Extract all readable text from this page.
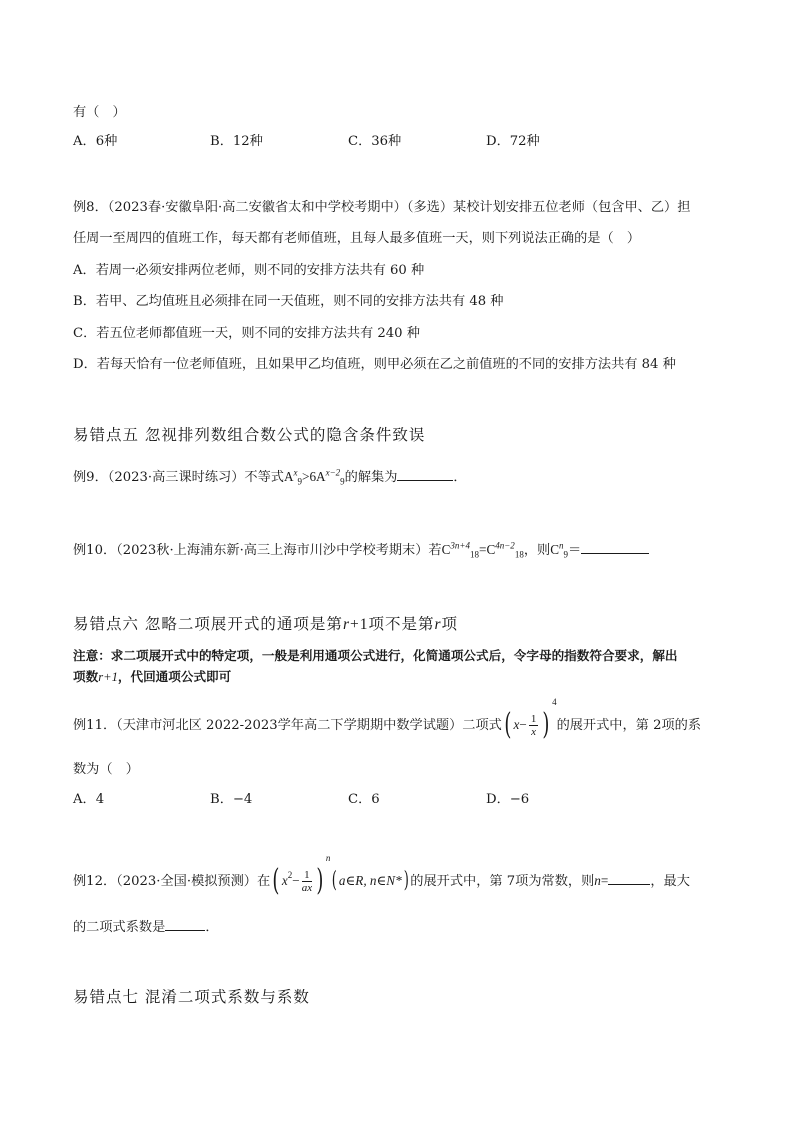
有（　）
A．6种	B．12种	C．36种	D．72种
例8．（2023春·安徽阜阳·高二安徽省太和中学校考期中）（多选）某校计划安排五位老师（包含甲、乙）担
任周一至周四的值班工作，每天都有老师值班，且每人最多值班一天，则下列说法正确的是（　）
A．若周一必须安排两位老师，则不同的安排方法共有 60 种
B．若甲、乙均值班且必须排在同一天值班，则不同的安排方法共有 48 种
C．若五位老师都值班一天，则不同的安排方法共有 240 种
D．若每天恰有一位老师值班，且如果甲乙均值班，则甲必须在乙之前值班的不同的安排方法共有 84 种
易错点五 忽视排列数组合数公式的隐含条件致误
例9．（2023·高三课时练习）不等式$A^x_9>6A^{x-2}_9$的解集为	．
例10．（2023秋·上海浦东新·高三上海市川沙中学校考期末）若$C^{3n+4}_{18}=C^{4n-2}_{18}$，则$C^n_9=$
易错点六 忽略二项展开式的通项是第r+1项不是第r项
注意：求二项展开式中的特定项，一般是利用通项公式进行，化简通项公式后，令字母的指数符合要求，解出
项数r+1，代回通项公式即可
例11．（天津市河北区 2022-2023学年高二下学期期中数学试题）二项式( $x- \frac{1}{x} )^4$的展开式中，第 2项的系
数为（　）
A．4	B．−4	C．6	D．−6
例12．（2023·全国·模拟预测）在( $x^2- \frac{1}{ax} )^n$( a∈R, n∈N*) 的展开式中，第 7项为常数，则n=	，最大
的二项式系数是	．
易错点七 混淆二项式系数与系数
